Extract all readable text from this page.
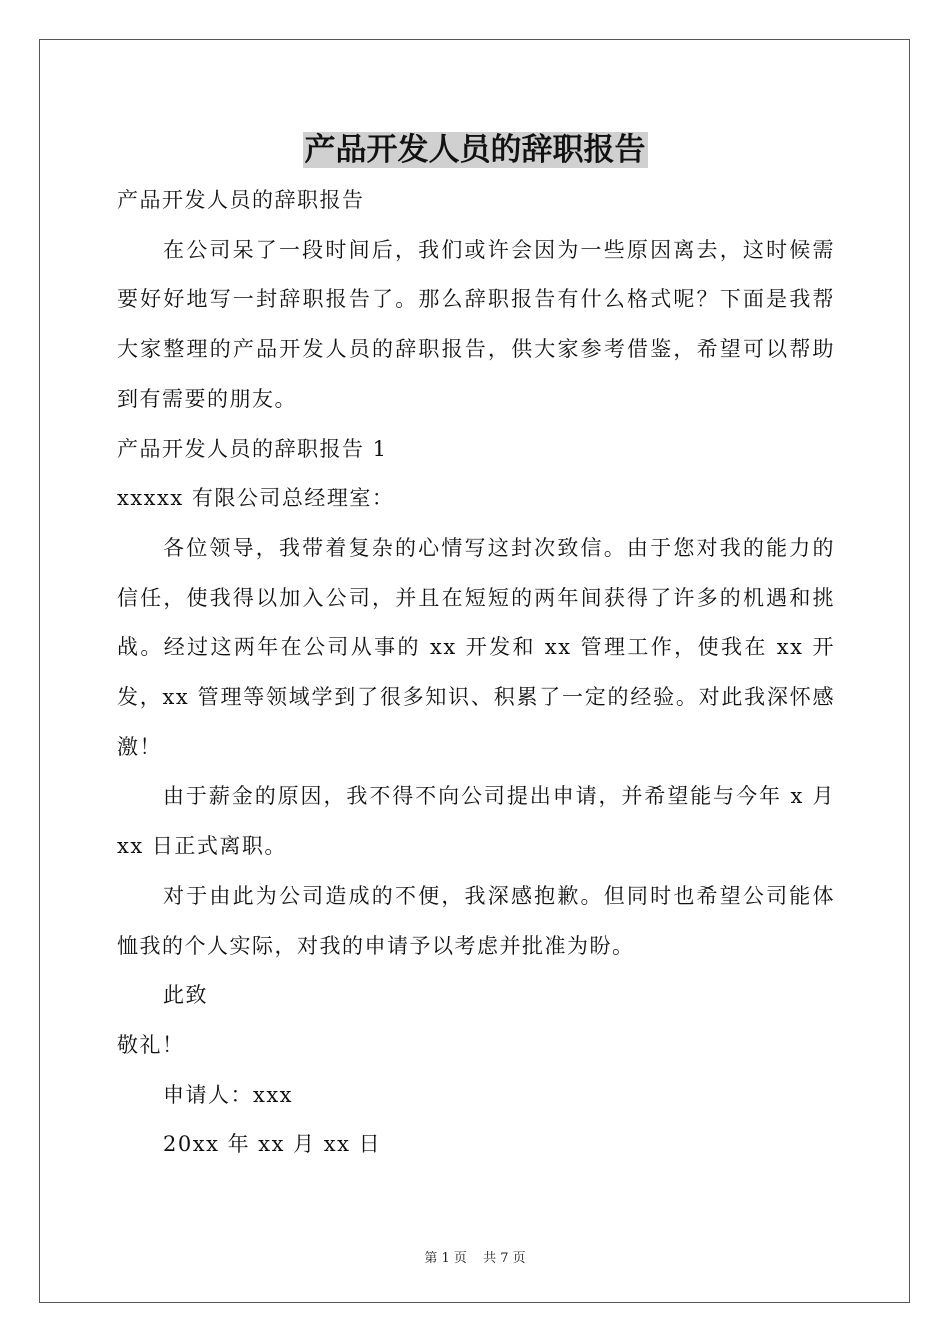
产品开发人员的辞职报告

产品开发人员的辞职报告

在公司呆了一段时间后，我们或许会因为一些原因离去，这时候需要好好地写一封辞职报告了。那么辞职报告有什么格式呢？下面是我帮大家整理的产品开发人员的辞职报告，供大家参考借鉴，希望可以帮助到有需要的朋友。

产品开发人员的辞职报告 1

xxxxx 有限公司总经理室：

各位领导，我带着复杂的心情写这封次致信。由于您对我的能力的信任，使我得以加入公司，并且在短短的两年间获得了许多的机遇和挑战。经过这两年在公司从事的 xx 开发和 xx 管理工作，使我在 xx 开发，xx 管理等领域学到了很多知识、积累了一定的经验。对此我深怀感激！

由于薪金的原因，我不得不向公司提出申请，并希望能与今年 x 月 xx 日正式离职。

对于由此为公司造成的不便，我深感抱歉。但同时也希望公司能体恤我的个人实际，对我的申请予以考虑并批准为盼。

此致

敬礼！

申请人：xxx

20xx 年 xx 月 xx 日

第 1 页 共 7 页
